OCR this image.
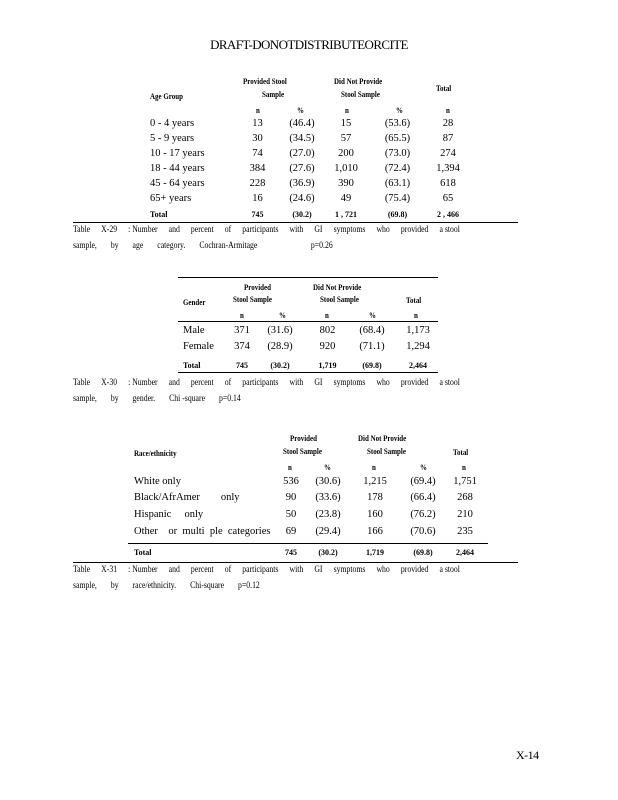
DRAFT-DONOTDISTRIBUTEORCITE
Age Group
Provided Stool
Sample
Did Not Provide
Stool Sample
Total
n	%	n	%	n
0 - 4 years	13	(46.4)	15	(53.6)	28
5 - 9 years	30	(34.5)	57	(65.5)	87
10 - 17 years	74	(27.0)	200	(73.0)	274
18 - 44 years	384	(27.6)	1,010	(72.4)	1,394
45 - 64 years	228	(36.9)	390	(63.1)	618
65+ years	16	(24.6)	49	(75.4)	65
Total	745	(30.2)	1 , 721	(69.8)	2 , 466
Table X-29 : Number and percent of participants with GI symptoms who provided a stool
sample, by age category. Cochran-Armitage	p=0.26
Provided
Stool Sample
Did Not Provide
Stool Sample
Gender	Total
n	%	n	%	n
Male	371	(31.6)	802	(68.4)	1,173
Female	374	(28.9)	920	(71.1)	1,294
Total	745	(30.2)	1,719	(69.8)	2,464
Table X-30 : Number and percent of participants with GI symptoms who provided a stool
sample, by gender. Chi -square p=0.14
Provided
Stool Sample
Did Not Provide
Stool Sample
Race/ethnicity	Total
n	%	n	%	n
White only	536	(30.6)	1,215	(69.4)	1,751
Black/AfrAmer        only	90	(33.6)	178	(66.4)	268
Hispanic     only	50	(23.8)	160	(76.2)	210
Other    or  multi  ple  categories	69	(29.4)	166	(70.6)	235
Total	745	(30.2)	1,719	(69.8)	2,464
Table X-31 : Number and percent of participants with GI symptoms who provided a stool
sample, by race/ethnicity. Chi-square p=0.12
X-14
